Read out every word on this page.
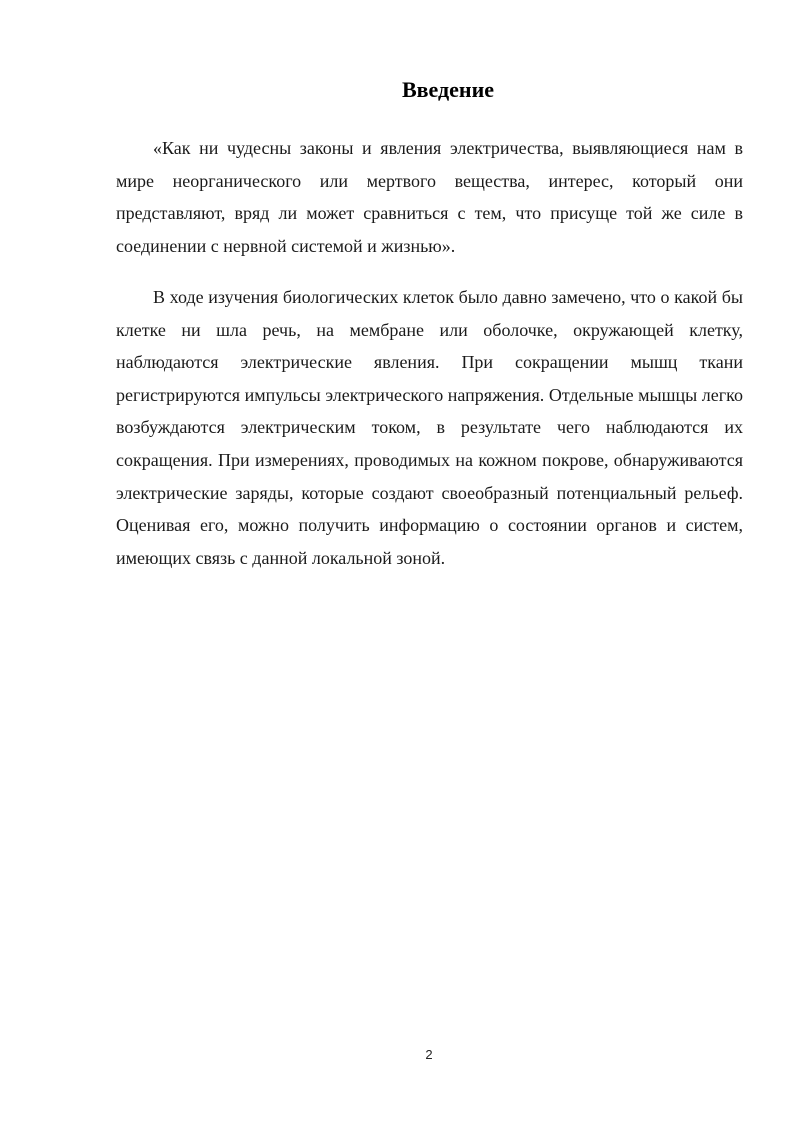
Введение

«Как ни чудесны законы и явления электричества, выявляющиеся нам в мире неорганического или мертвого вещества, интерес, который они представляют, вряд ли может сравниться с тем, что присуще той же силе в соединении с нервной системой и жизнью».

В ходе изучения биологических клеток было давно замечено, что о какой бы клетке ни шла речь, на мембране или оболочке, окружающей клетку, наблюдаются электрические явления. При сокращении мышц ткани регистрируются импульсы электрического напряжения. Отдельные мышцы легко возбуждаются электрическим током, в результате чего наблюдаются их сокращения. При измерениях, проводимых на кожном покрове, обнаруживаются электрические заряды, которые создают своеобразный потенциальный рельеф. Оценивая его, можно получить информацию о состоянии органов и систем, имеющих связь с данной локальной зоной.

2
